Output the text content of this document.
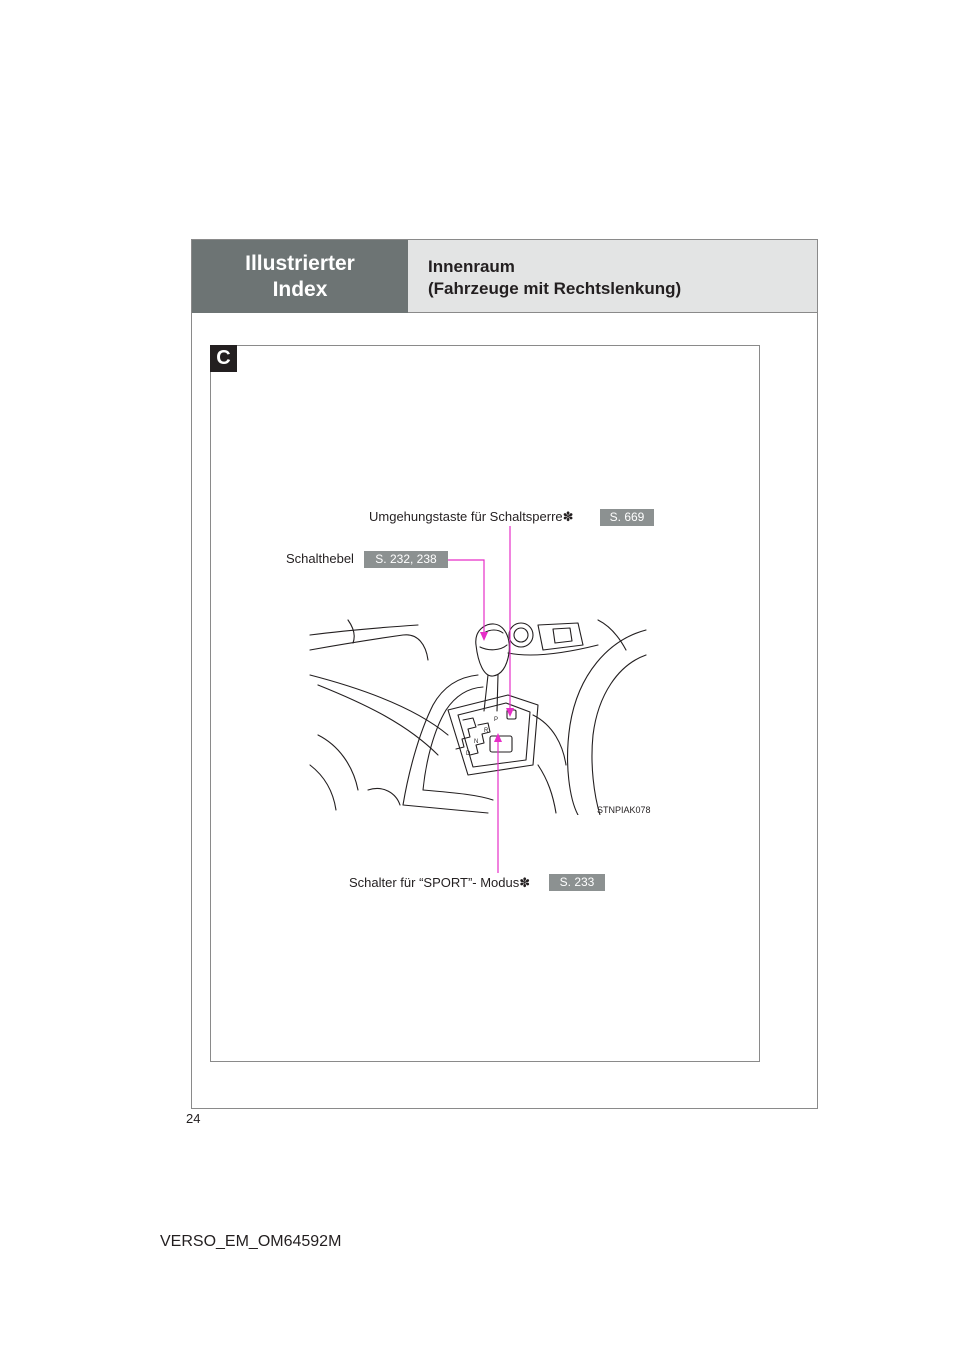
Illustrierter
Index
Innenraum
(Fahrzeuge mit Rechtslenkung)
C
Umgehungstaste für Schaltsperre✽	S. 669
Schalthebel	S. 232, 238
Schalter für “SPORT”- Modus✽	S. 233
P
R
N
D
STNPIAK078
24
VERSO_EM_OM64592M
